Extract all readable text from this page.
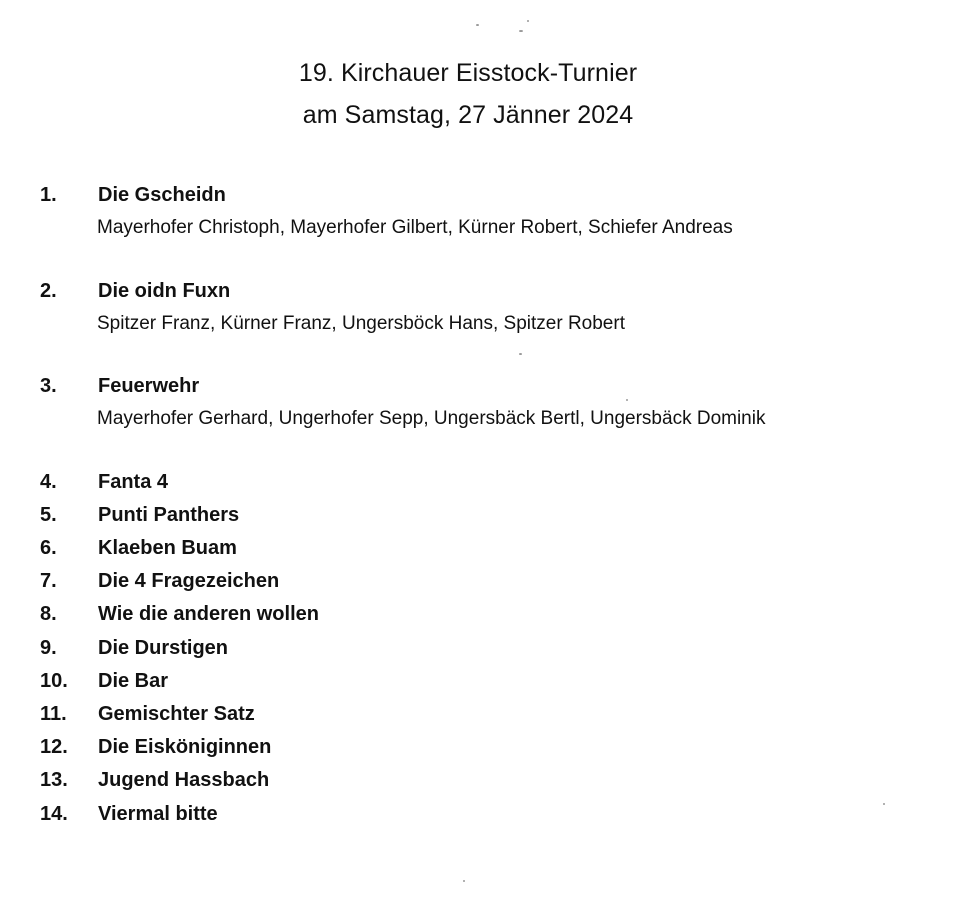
19. Kirchauer Eisstock-Turnier
am Samstag, 27 Jänner 2024
1.	Die Gscheidn
Mayerhofer Christoph, Mayerhofer Gilbert, Kürner Robert, Schiefer Andreas
2.	Die oidn Fuxn
Spitzer Franz, Kürner Franz, Ungersböck Hans, Spitzer Robert
3.	Feuerwehr
Mayerhofer Gerhard, Ungerhofer Sepp, Ungersbäck Bertl, Ungersbäck Dominik
4.	Fanta 4
5.	Punti Panthers
6.	Klaeben Buam
7.	Die 4 Fragezeichen
8.	Wie die anderen wollen
9.	Die Durstigen
10.	Die Bar
11.	Gemischter Satz
12.	Die Eisköniginnen
13.	Jugend Hassbach
14.	Viermal bitte
